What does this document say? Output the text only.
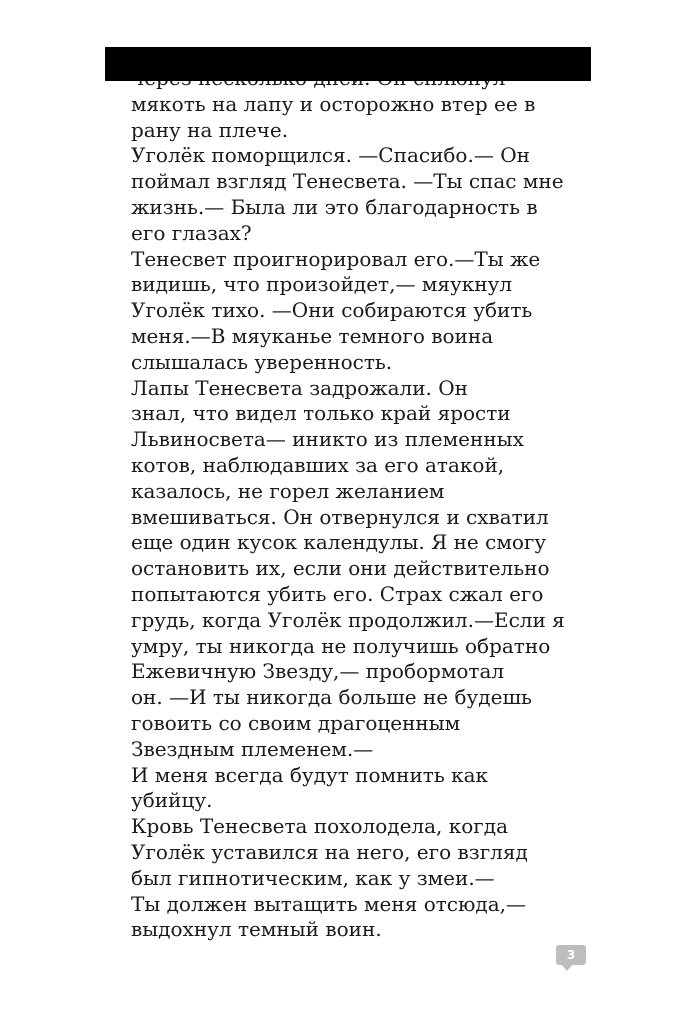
мякоть на лапу и осторожно втер ее в
рану на плече.
Уголёк поморщился. —Спасибо.— Он
поймал взгляд Тенесвета. —Ты спас мне
жизнь.— Была ли это благодарность в
его глазах?
Тенесвет проигнорировал его.—Ты же
видишь, что произойдет,— мяукнул
Уголёк тихо. —Они собираются убить
меня.—В мяуканье темного воина
слышалась уверенность.
Лапы Тенесвета задрожали. Он
знал, что видел только край ярости
Львиносвета— иникто из племенных
котов, наблюдавших за его атакой,
казалось, не горел желанием
вмешиваться. Он отвернулся и схватил
еще один кусок календулы. Я не смогу
остановить их, если они действительно
попытаются убить его. Страх сжал его
грудь, когда Уголёк продолжил.—Если я
умру, ты никогда не получишь обратно
Ежевичную Звезду,— пробормотал
он. —И ты никогда больше не будешь
говоить со своим драгоценным
Звездным племенем.—
И меня всегда будут помнить как
убийцу.
Кровь Тенесвета похолодела, когда
Уголёк уставился на него, его взгляд
был гипнотическим, как у змеи.—
Ты должен вытащить меня отсюда,—
выдохнул темный воин.
3
